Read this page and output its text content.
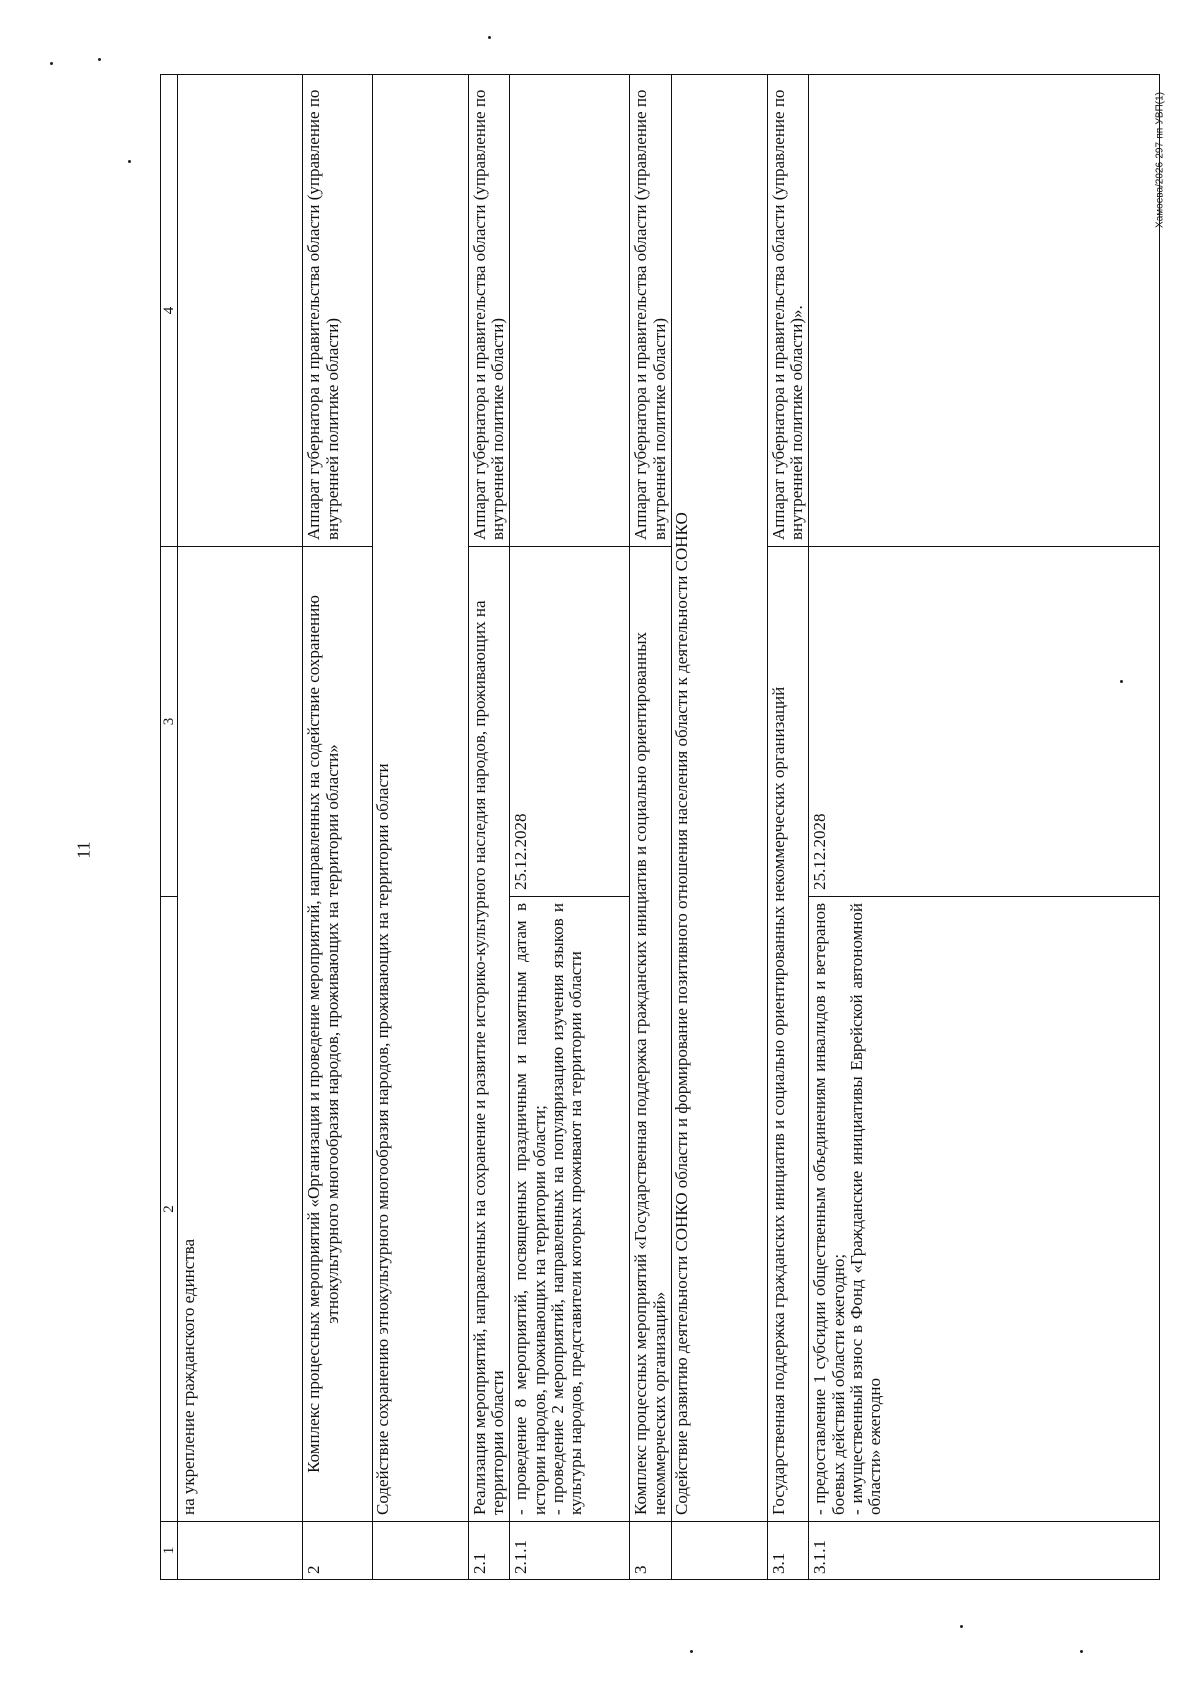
11
Хамоева/2026-297-пп-УВП(1)
1	2	3	4
	на укрепление гражданского единства		
2	Комплекс процессных мероприятий «Организация и проведение мероприятий, направленных на содействие сохранению этнокультурного многообразия народов, проживающих на территории области»		Аппарат губернатора и правительства области (управление по внутренней политике области)
	Содействие сохранению этнокультурного многообразия народов, проживающих на территории области		
2.1	Реализация мероприятий, направленных на сохранение и развитие историко-культурного наследия народов, проживающих на территории области		Аппарат губернатора и правительства области (управление по внутренней политике области)
2.1.1	- проведение 8 мероприятий, посвященных праздничным и памятным датам в истории народов, проживающих на территории области; - проведение 2 мероприятий, направленных на популяризацию изучения языков и культуры народов, представители которых проживают на территории области	25.12.2028	
3	Комплекс процессных мероприятий «Государственная поддержка гражданских инициатив и социально ориентированных некоммерческих организаций»		Аппарат губернатора и правительства области (управление по внутренней политике области)
	Содействие развитию деятельности СОНКО области и формирование позитивного отношения населения области к деятельности СОНКО		
3.1	Государственная поддержка гражданских инициатив и социально ориентированных некоммерческих организаций		Аппарат губернатора и правительства области (управление по внутренней политике области)».
3.1.1	- предоставление 1 субсидии общественным объединениям инвалидов и ветеранов боевых действий области ежегодно; - имущественный взнос в Фонд «Гражданские инициативы Еврейской автономной области» ежегодно	25.12.2028	
